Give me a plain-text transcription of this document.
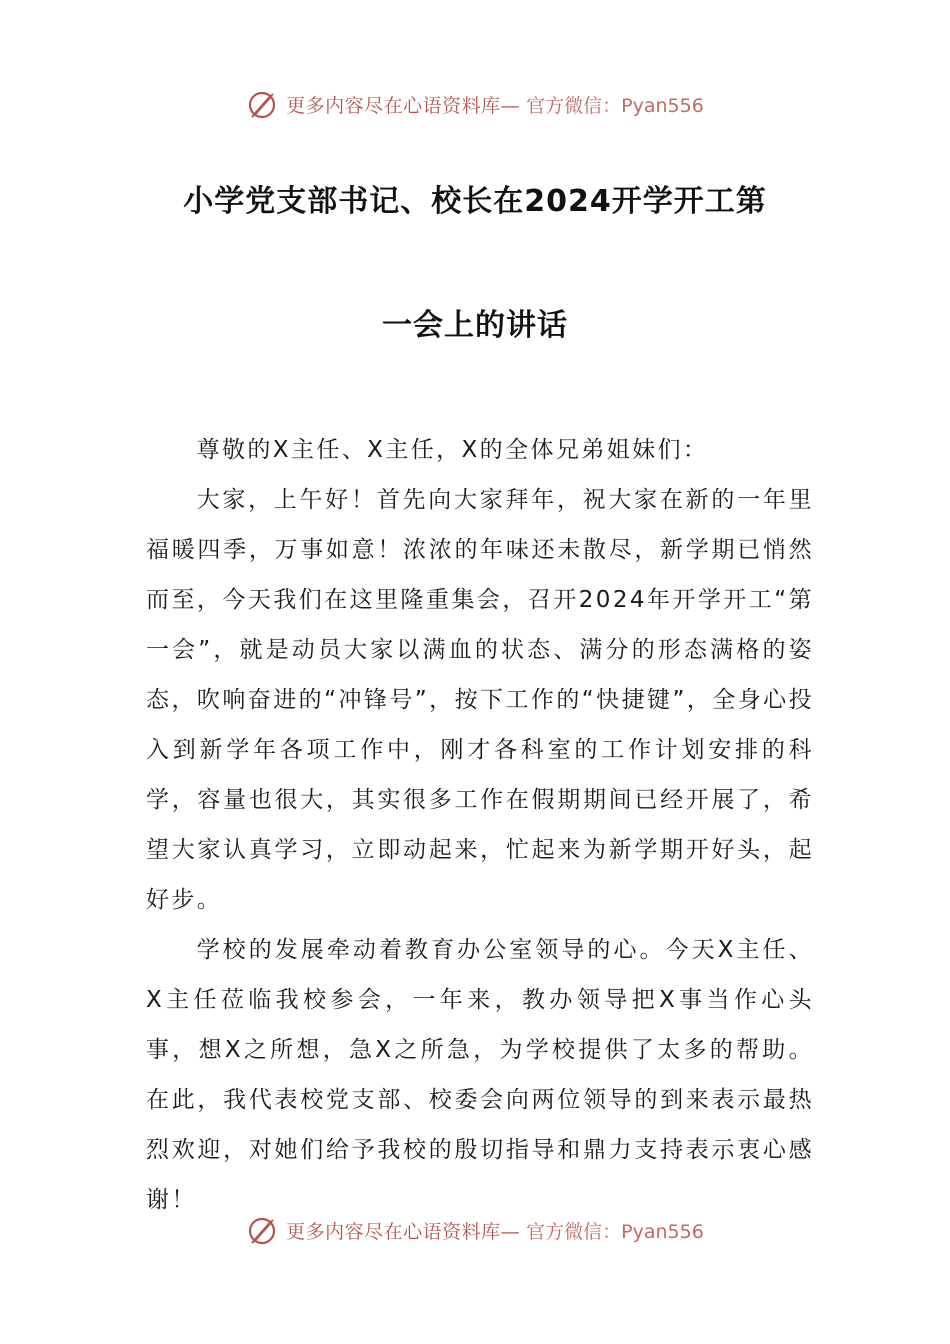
更多内容尽在心语资料库— 官方微信：Pyan556
小学党支部书记、校长在2024开学开工第
一会上的讲话

尊敬的X主任、X主任，X的全体兄弟姐妹们：

大家，上午好！首先向大家拜年，祝大家在新的一年里福暖四季，万事如意！浓浓的年味还未散尽，新学期已悄然而至，今天我们在这里隆重集会，召开2024年开学开工“第一会”，就是动员大家以满血的状态、满分的形态满格的姿态，吹响奋进的“冲锋号”，按下工作的“快捷键”，全身心投入到新学年各项工作中，刚才各科室的工作计划安排的科学，容量也很大，其实很多工作在假期期间已经开展了，希望大家认真学习，立即动起来，忙起来为新学期开好头，起好步。

学校的发展牵动着教育办公室领导的心。今天X主任、X主任莅临我校参会，一年来，教办领导把X事当作心头事，想X之所想，急X之所急，为学校提供了太多的帮助。在此，我代表校党支部、校委会向两位领导的到来表示最热烈欢迎，对她们给予我校的殷切指导和鼎力支持表示衷心感谢！

更多内容尽在心语资料库— 官方微信：Pyan556
